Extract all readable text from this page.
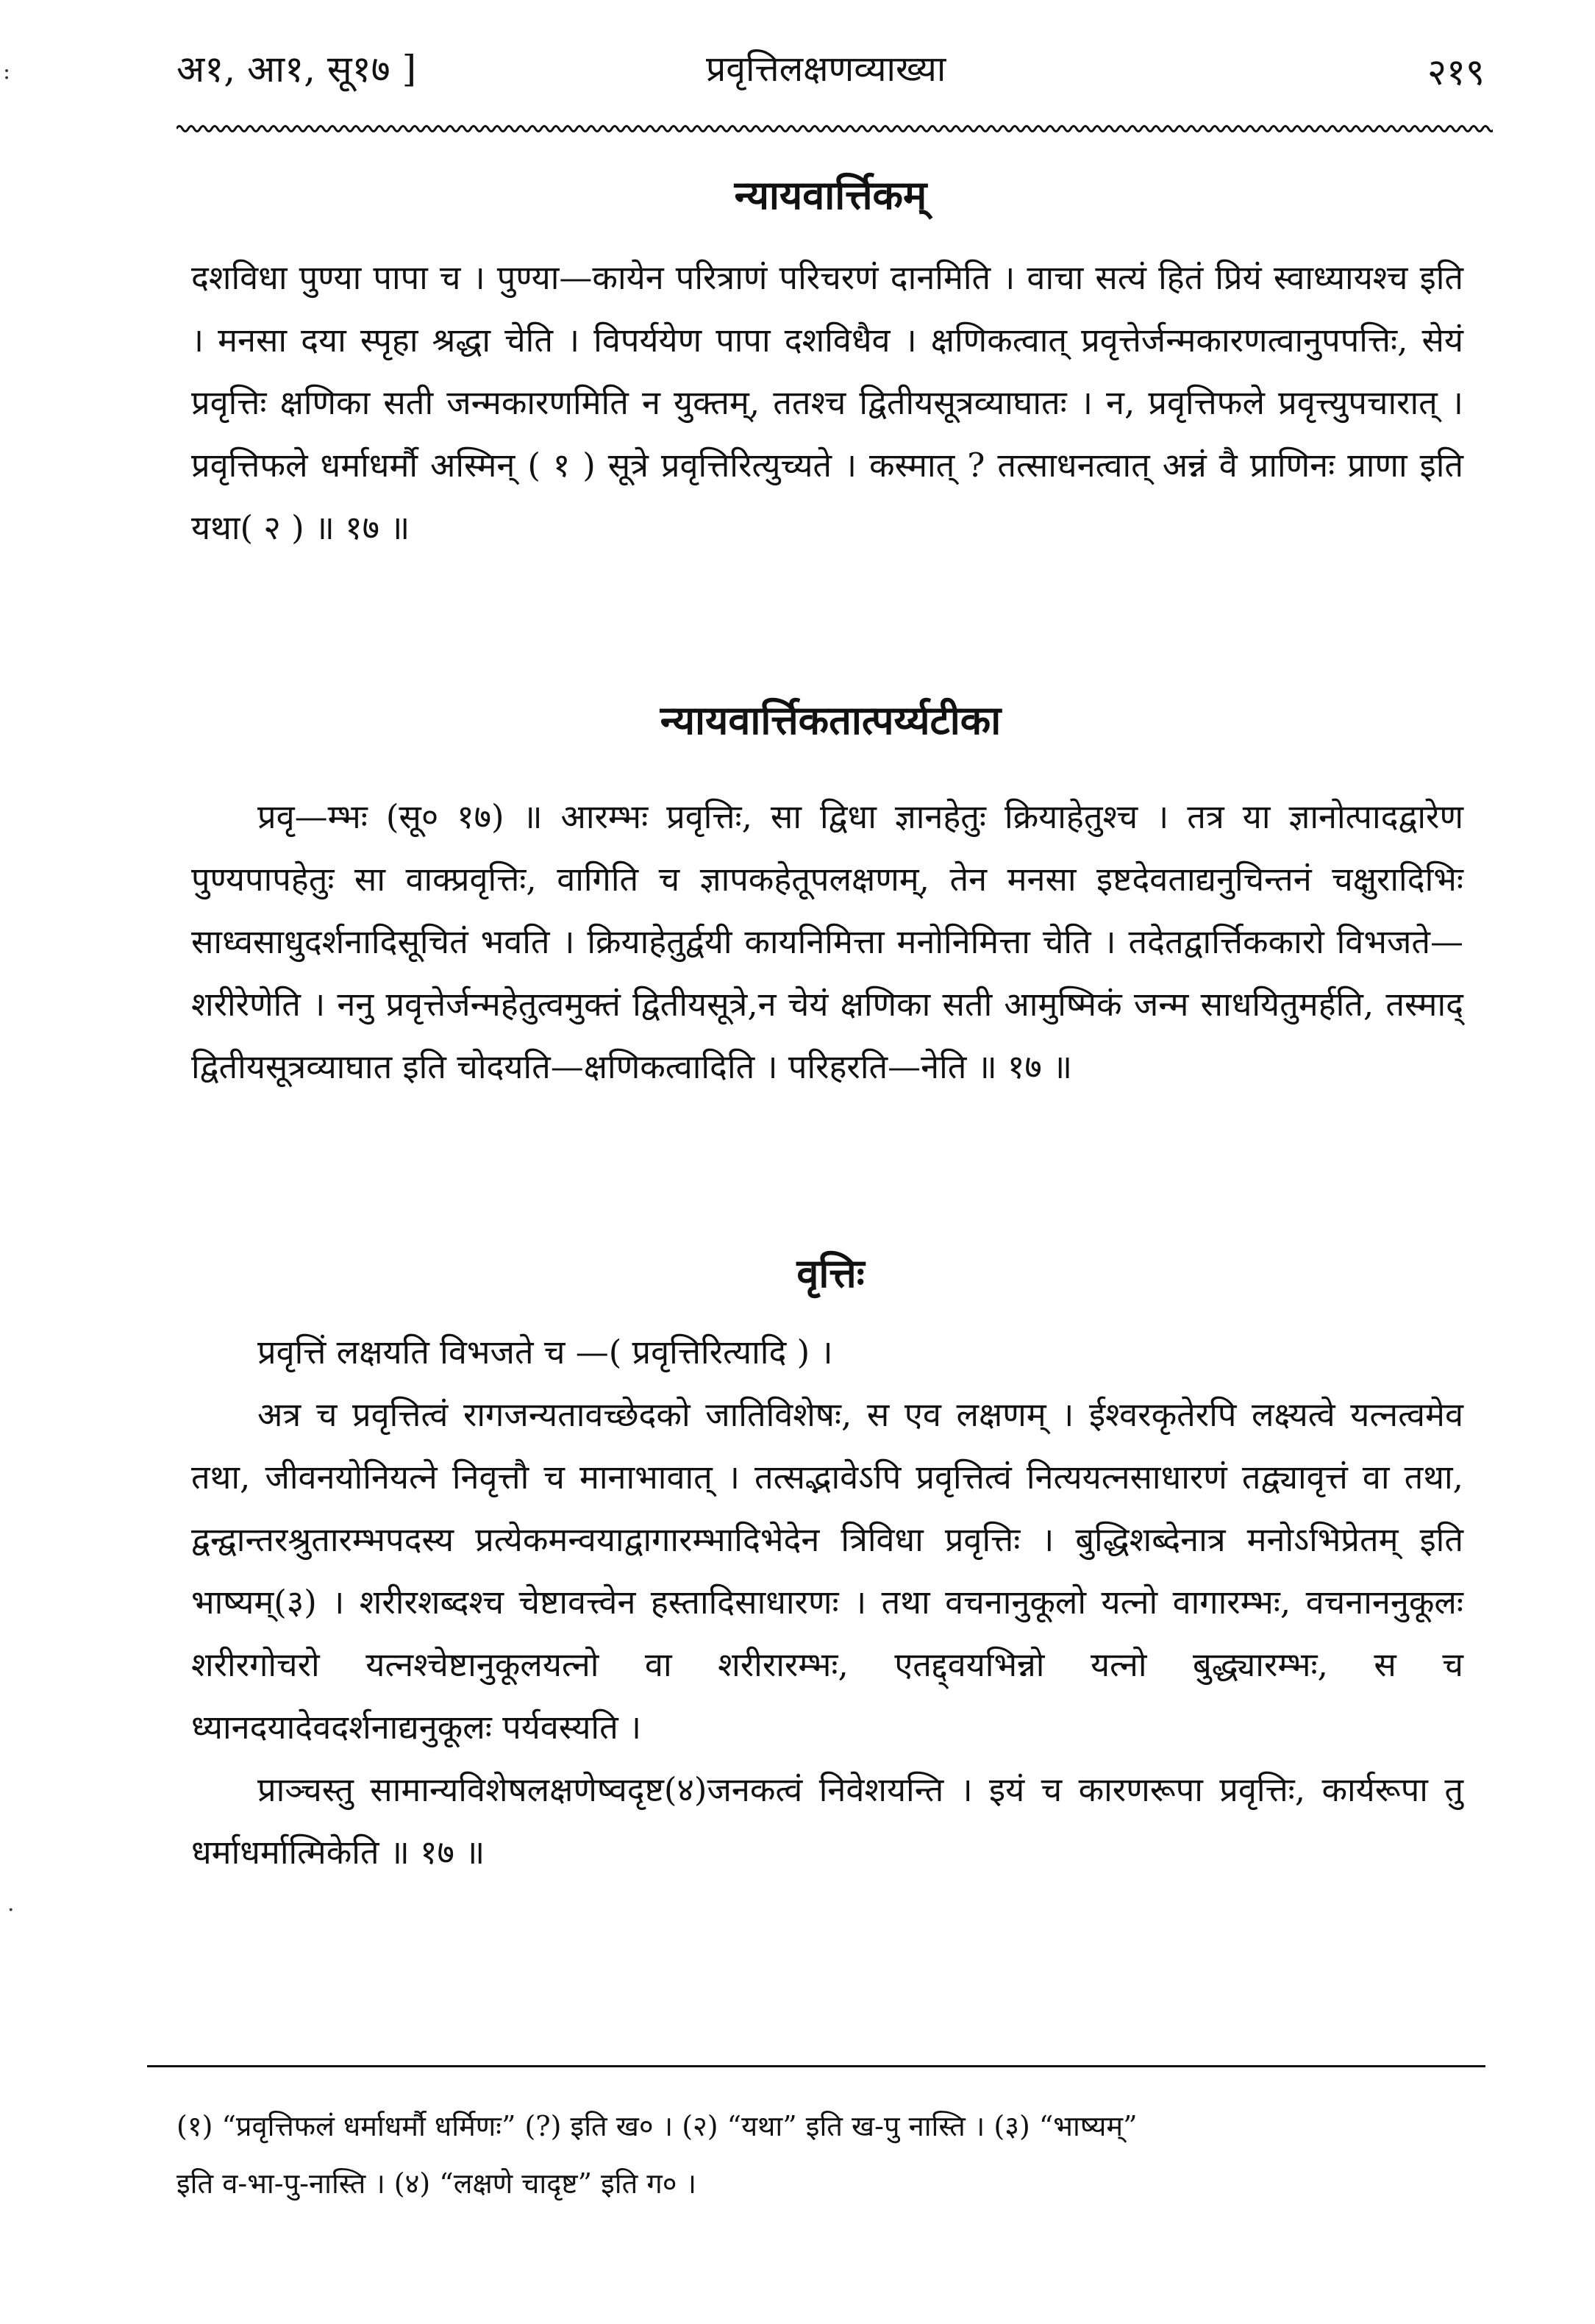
:
·
अ१, आ१, सू१७ ]	प्रवृत्तिलक्षणव्याख्या	२१९
न्यायवार्त्तिकम्

दशविधा पुण्या पापा च । पुण्या—कायेन परित्राणं परिचरणं दानमिति । वाचा सत्यं हितं प्रियं स्वाध्यायश्च इति । मनसा दया स्पृहा श्रद्धा चेति । विपर्ययेण पापा दशविधैव । क्षणिकत्वात् प्रवृत्तेर्जन्मकारणत्वानुपपत्तिः, सेयं प्रवृत्तिः क्षणिका सती जन्मकारणमिति न युक्तम्, ततश्च द्वितीयसूत्रव्याघातः । न, प्रवृत्तिफले प्रवृत्त्युपचारात् । प्रवृत्तिफले धर्माधर्मौ अस्मिन् ( १ ) सूत्रे प्रवृत्तिरित्युच्यते । कस्मात् ? तत्साधनत्वात् अन्नं वै प्राणिनः प्राणा इति यथा( २ ) ॥ १७ ॥

न्यायवार्त्तिकतात्पर्य्यटीका

प्रवृ—म्भः (सू० १७) ॥ आरम्भः प्रवृत्तिः, सा द्विधा ज्ञानहेतुः क्रियाहेतुश्च । तत्र या ज्ञानोत्पादद्वारेण पुण्यपापहेतुः सा वाक्प्रवृत्तिः, वागिति च ज्ञापकहेतूपलक्षणम्, तेन मनसा इष्टदेवताद्यनुचिन्तनं चक्षुरादिभिः साध्वसाधुदर्शनादिसूचितं भवति । क्रियाहेतुर्द्वयी कायनिमित्ता मनोनिमित्ता चेति । तदेतद्वार्त्तिककारो विभजते—शरीरेणेति । ननु प्रवृत्तेर्जन्महेतुत्वमुक्तं द्वितीयसूत्रे,न चेयं क्षणिका सती आमुष्मिकं जन्म साधयितुमर्हति, तस्माद् द्वितीयसूत्रव्याघात इति चोदयति—क्षणिकत्वादिति । परिहरति—नेति ॥ १७ ॥

वृत्तिः

प्रवृत्तिं लक्षयति विभजते च —( प्रवृत्तिरित्यादि ) ।

अत्र च प्रवृत्तित्वं रागजन्यतावच्छेदको जातिविशेषः, स एव लक्षणम् । ईश्वरकृतेरपि लक्ष्यत्वे यत्नत्वमेव तथा, जीवनयोनियत्ने निवृत्तौ च मानाभावात् । तत्सद्भावेऽपि प्रवृत्तित्वं नित्ययत्नसाधारणं तद्व्यावृत्तं वा तथा, द्वन्द्वान्तरश्रुतारम्भपदस्य प्रत्येकमन्वयाद्वागारम्भादिभेदेन त्रिविधा प्रवृत्तिः । बुद्धिशब्देनात्र मनोऽभिप्रेतम् इति भाष्यम्(३) । शरीरशब्दश्च चेष्टावत्त्वेन हस्तादिसाधारणः । तथा वचनानुकूलो यत्नो वागारम्भः, वचनाननुकूलः शरीरगोचरो यत्नश्चेष्टानुकूलयत्नो वा शरीरारम्भः, एतद्द्वयभिन्नो यत्नो बुद्ध्यारम्भः, स च ध्यानदयादेवदर्शनाद्यनुकूलः पर्यवस्यति ।

प्राञ्चस्तु सामान्यविशेषलक्षणेष्वदृष्ट(४)जनकत्वं निवेशयन्ति । इयं च कारणरूपा प्रवृत्तिः, कार्यरूपा तु धर्माधर्मात्मिकेति ॥ १७ ॥

(१) “प्रवृत्तिफलं धर्माधर्मौ धर्मिणः” (?) इति ख० । (२) “यथा” इति ख-पु नास्ति । (३) “भाष्यम्”

इति व-भा-पु-नास्ति । (४) “लक्षणे चादृष्ट” इति ग० ।
